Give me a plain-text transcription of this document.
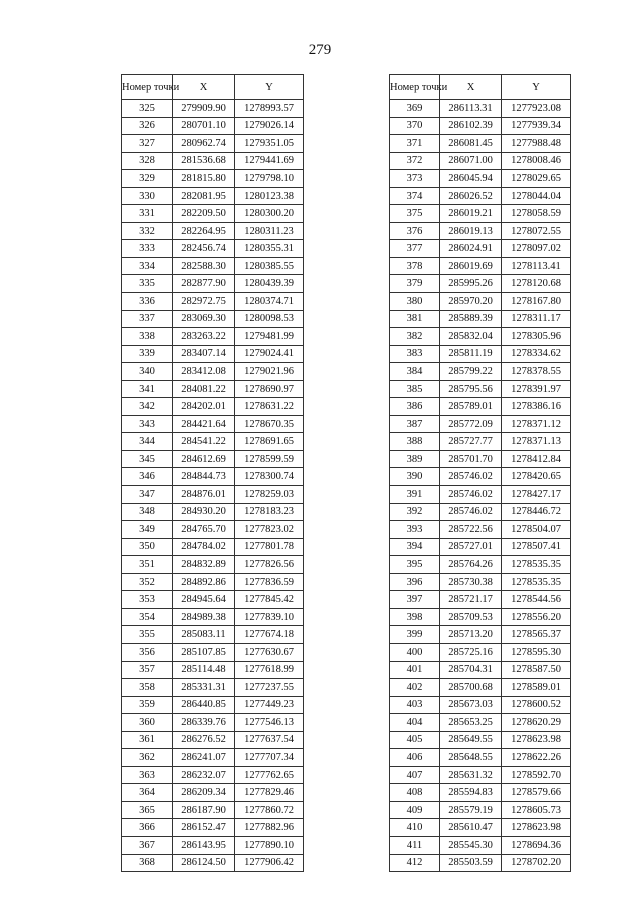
279
Номер точки	X	Y
325	279909.90	1278993.57
326	280701.10	1279026.14
327	280962.74	1279351.05
328	281536.68	1279441.69
329	281815.80	1279798.10
330	282081.95	1280123.38
331	282209.50	1280300.20
332	282264.95	1280311.23
333	282456.74	1280355.31
334	282588.30	1280385.55
335	282877.90	1280439.39
336	282972.75	1280374.71
337	283069.30	1280098.53
338	283263.22	1279481.99
339	283407.14	1279024.41
340	283412.08	1279021.96
341	284081.22	1278690.97
342	284202.01	1278631.22
343	284421.64	1278670.35
344	284541.22	1278691.65
345	284612.69	1278599.59
346	284844.73	1278300.74
347	284876.01	1278259.03
348	284930.20	1278183.23
349	284765.70	1277823.02
350	284784.02	1277801.78
351	284832.89	1277826.56
352	284892.86	1277836.59
353	284945.64	1277845.42
354	284989.38	1277839.10
355	285083.11	1277674.18
356	285107.85	1277630.67
357	285114.48	1277618.99
358	285331.31	1277237.55
359	286440.85	1277449.23
360	286339.76	1277546.13
361	286276.52	1277637.54
362	286241.07	1277707.34
363	286232.07	1277762.65
364	286209.34	1277829.46
365	286187.90	1277860.72
366	286152.47	1277882.96
367	286143.95	1277890.10
368	286124.50	1277906.42
Номер точки	X	Y
369	286113.31	1277923.08
370	286102.39	1277939.34
371	286081.45	1277988.48
372	286071.00	1278008.46
373	286045.94	1278029.65
374	286026.52	1278044.04
375	286019.21	1278058.59
376	286019.13	1278072.55
377	286024.91	1278097.02
378	286019.69	1278113.41
379	285995.26	1278120.68
380	285970.20	1278167.80
381	285889.39	1278311.17
382	285832.04	1278305.96
383	285811.19	1278334.62
384	285799.22	1278378.55
385	285795.56	1278391.97
386	285789.01	1278386.16
387	285772.09	1278371.12
388	285727.77	1278371.13
389	285701.70	1278412.84
390	285746.02	1278420.65
391	285746.02	1278427.17
392	285746.02	1278446.72
393	285722.56	1278504.07
394	285727.01	1278507.41
395	285764.26	1278535.35
396	285730.38	1278535.35
397	285721.17	1278544.56
398	285709.53	1278556.20
399	285713.20	1278565.37
400	285725.16	1278595.30
401	285704.31	1278587.50
402	285700.68	1278589.01
403	285673.03	1278600.52
404	285653.25	1278620.29
405	285649.55	1278623.98
406	285648.55	1278622.26
407	285631.32	1278592.70
408	285594.83	1278579.66
409	285579.19	1278605.73
410	285610.47	1278623.98
411	285545.30	1278694.36
412	285503.59	1278702.20
